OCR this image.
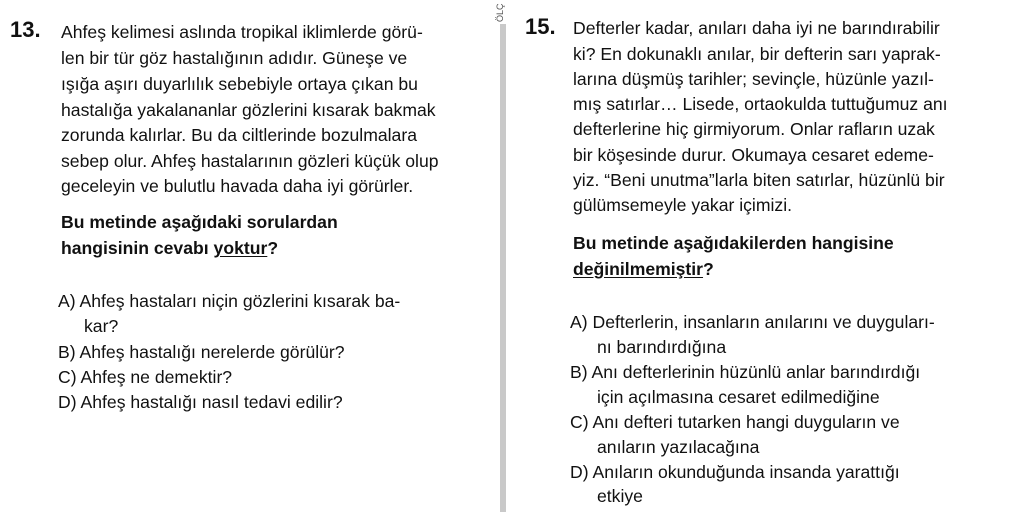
ÖLÇ
13. Ahfeş kelimesi aslında tropikal iklimlerde görü-
len bir tür göz hastalığının adıdır. Güneşe ve
ışığa aşırı duyarlılık sebebiyle ortaya çıkan bu
hastalığa yakalananlar gözlerini kısarak bakmak
zorunda kalırlar. Bu da ciltlerinde bozulmalara
sebep olur. Ahfeş hastalarının gözleri küçük olup
geceleyin ve bulutlu havada daha iyi görürler.
Bu metinde aşağıdaki sorulardan
hangisinin cevabı yoktur?
A) Ahfeş hastaları niçin gözlerini kısarak ba-
kar?
B) Ahfeş hastalığı nerelerde görülür?
C) Ahfeş ne demektir?
D) Ahfeş hastalığı nasıl tedavi edilir?
15. Defterler kadar, anıları daha iyi ne barındırabilir
ki? En dokunaklı anılar, bir defterin sarı yaprak-
larına düşmüş tarihler; sevinçle, hüzünle yazıl-
mış satırlar… Lisede, ortaokulda tuttuğumuz anı
defterlerine hiç girmiyorum. Onlar rafların uzak
bir köşesinde durur. Okumaya cesaret edeme-
yiz. “Beni unutma”larla biten satırlar, hüzünlü bir
gülümsemeyle yakar içimizi.
Bu metinde aşağıdakilerden hangisine
değinilmemiştir?
A) Defterlerin, insanların anılarını ve duyguları-
nı barındırdığına
B) Anı defterlerinin hüzünlü anlar barındırdığı
için açılmasına cesaret edilmediğine
C) Anı defteri tutarken hangi duyguların ve
anıların yazılacağına
D) Anıların okunduğunda insanda yarattığı
etkiye
